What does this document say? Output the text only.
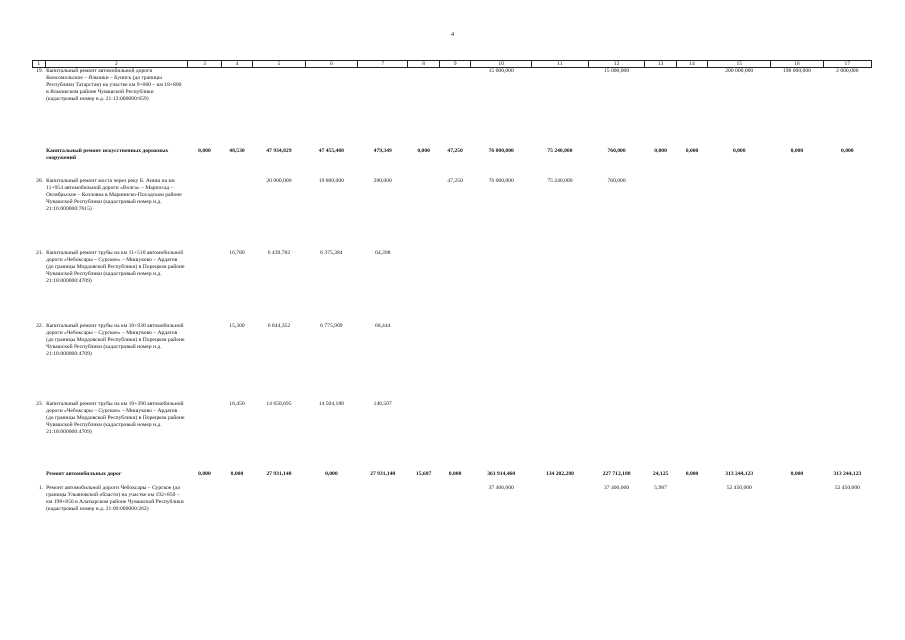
4
1	2	3	4	5	6	7	8	9	10	11	12	13	14	15	16	17
19.	Капитальный ремонт автомобильной дороги Комсомольское – Яльчики – Буинск (до границы Республики Татарстан) на участке км 9+060 – км 18+800 в Яльчикском районе Чувашской Республики (кадастровый номер н.д. 21:13:000000:659)								15 000,000		15 000,000			200 000,000	198 000,000	2 000,000
	Капитальный ремонт искусственных дорожных сооружений	0,000	48,530	47 934,829	47 455,480	479,349	0,000	47,250	76 000,000	75 240,000	760,000	0,000	0,000	0,000	0,000	0,000
20.	Капитальный ремонт моста через реку Б. Аниш на км 11+954 автомобильной дороги «Волга» – Марпосад – Октябрьское – Козловка в Мариинско-Посадском районе Чувашской Республики (кадастровый номер н.д. 21:16:000000:7615)			20 000,000	19 800,000	200,000		47,250	76 000,000	75 240,000	760,000					
21.	Капитальный ремонт трубы на км 11+510 автомобильной дороги «Чебоксары – Сурское» – Мишуково – Ардатов (до границы Мордовской Республики) в Порецком районе Чувашской Республики (кадастровый номер н.д. 21:18:000000:4709)		16,780	6 439,782	6 375,384	64,398										
22.	Капитальный ремонт трубы на км 10+930 автомобильной дороги «Чебоксары – Сурское» – Мишуково – Ардатов (до границы Мордовской Республики) в Порецком районе Чувашской Республики (кадастровый номер н.д. 21:18:000000:4709)		15,300	6 844,352	6 775,909	68,444										
23.	Капитальный ремонт трубы на км 10+390 автомобильной дороги «Чебоксары – Сурское» – Мишуково – Ардатов (до границы Мордовской Республики) в Порецком районе Чувашской Республики (кадастровый номер н.д. 21:18:000000:4709)		16,450	14 650,695	14 504,188	146,507										
	Ремонт автомобильных дорог	0,000	0,000	27 931,140	0,000	27 931,140	15,687	0,000	361 914,460	134 202,280	227 712,180	24,125	0,000	313 244,123	0,000	313 244,123
1.	Ремонт автомобильной дороги Чебоксары – Сурское (до границы Ульяновской области) на участке км 192+850 – км 198+850 в Алатырском районе Чувашской Республики (кадастровый номер н.д. 21:00:000000:262)								37 406,600		37 406,600	5,987		52 450,000		52 450,000
